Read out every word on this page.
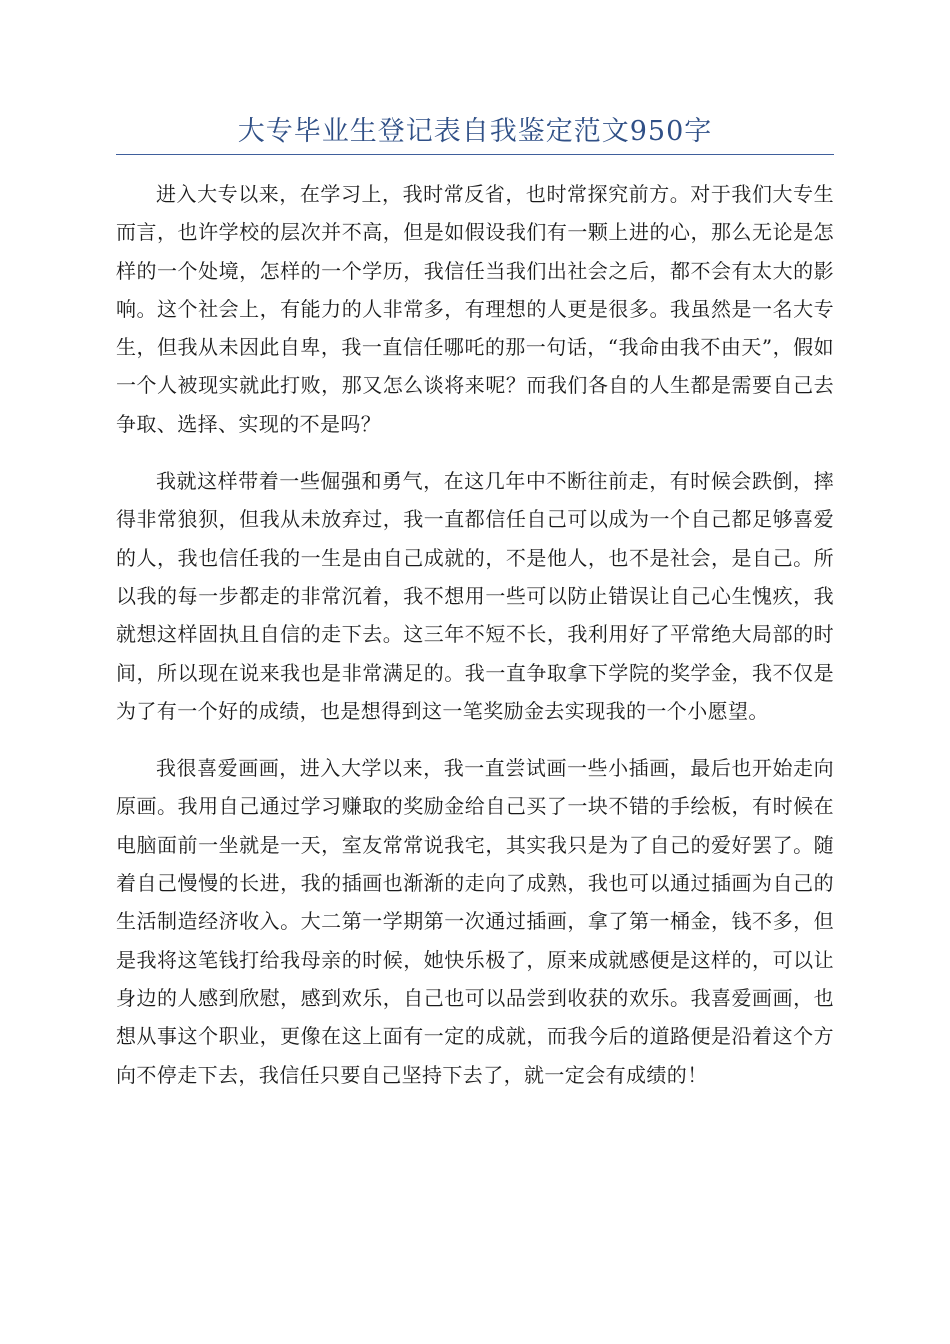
大专毕业生登记表自我鉴定范文950字

进入大专以来，在学习上，我时常反省，也时常探究前方。对于我们大专生而言，也许学校的层次并不高，但是如假设我们有一颗上进的心，那么无论是怎样的一个处境，怎样的一个学历，我信任当我们出社会之后，都不会有太大的影响。这个社会上，有能力的人非常多，有理想的人更是很多。我虽然是一名大专生，但我从未因此自卑，我一直信任哪吒的那一句话，“我命由我不由天”，假如一个人被现实就此打败，那又怎么谈将来呢？而我们各自的人生都是需要自己去争取、选择、实现的不是吗？

我就这样带着一些倔强和勇气，在这几年中不断往前走，有时候会跌倒，摔得非常狼狈，但我从未放弃过，我一直都信任自己可以成为一个自己都足够喜爱的人，我也信任我的一生是由自己成就的，不是他人，也不是社会，是自己。所以我的每一步都走的非常沉着，我不想用一些可以防止错误让自己心生愧疚，我就想这样固执且自信的走下去。这三年不短不长，我利用好了平常绝大局部的时间，所以现在说来我也是非常满足的。我一直争取拿下学院的奖学金，我不仅是为了有一个好的成绩，也是想得到这一笔奖励金去实现我的一个小愿望。

我很喜爱画画，进入大学以来，我一直尝试画一些小插画，最后也开始走向原画。我用自己通过学习赚取的奖励金给自己买了一块不错的手绘板，有时候在电脑面前一坐就是一天，室友常常说我宅，其实我只是为了自己的爱好罢了。随着自己慢慢的长进，我的插画也渐渐的走向了成熟，我也可以通过插画为自己的生活制造经济收入。大二第一学期第一次通过插画，拿了第一桶金，钱不多，但是我将这笔钱打给我母亲的时候，她快乐极了，原来成就感便是这样的，可以让身边的人感到欣慰，感到欢乐，自己也可以品尝到收获的欢乐。我喜爱画画，也想从事这个职业，更像在这上面有一定的成就，而我今后的道路便是沿着这个方向不停走下去，我信任只要自己坚持下去了，就一定会有成绩的！
